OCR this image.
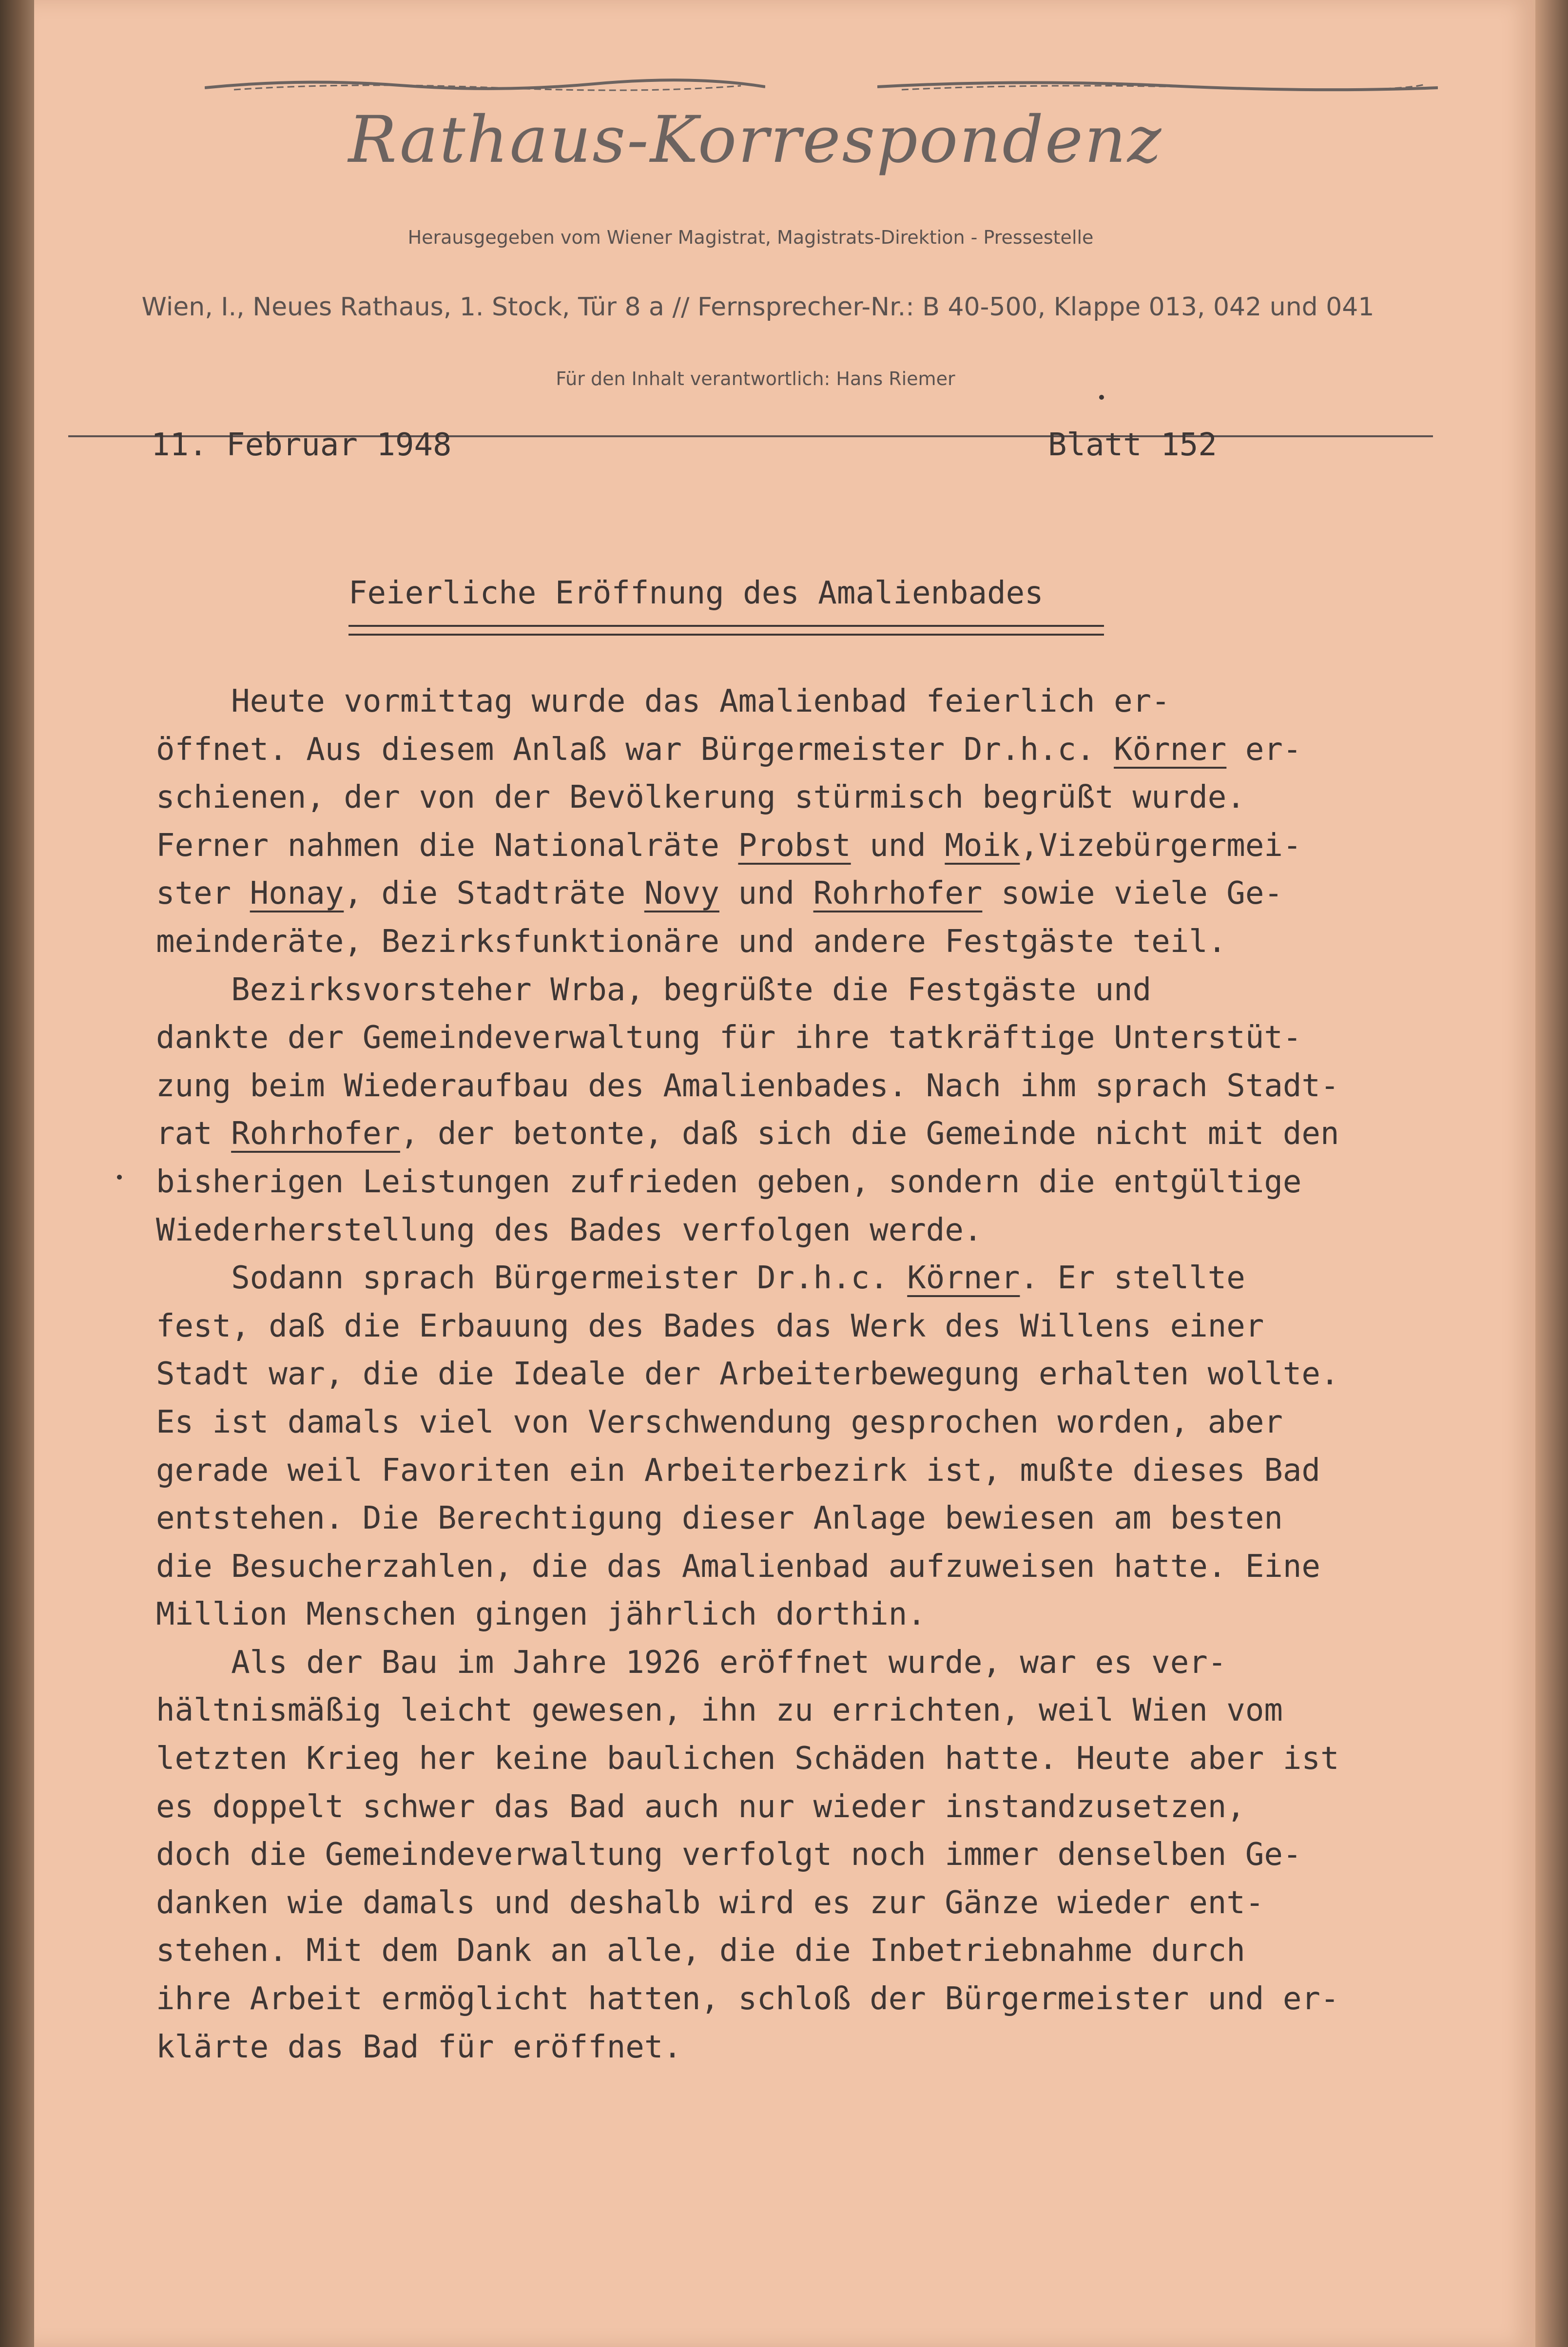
Rathaus-Korrespondenz
Herausgegeben vom Wiener Magistrat, Magistrats-Direktion - Pressestelle
Wien, I., Neues Rathaus, 1. Stock, Tür 8 a // Fernsprecher-Nr.: B 40-500, Klappe 013, 042 und 041
Für den Inhalt verantwortlich: Hans Riemer
11. Februar 1948	Blatt 152
Feierliche Eröffnung des Amalienbades
Heute vormittag wurde das Amalienbad feierlich er-
öffnet. Aus diesem Anlaß war Bürgermeister Dr.h.c. Körner er-
schienen, der von der Bevölkerung stürmisch begrüßt wurde.
Ferner nahmen die Nationalräte Probst und Moik,Vizebürgermei-
ster Honay, die Stadträte Novy und Rohrhofer sowie viele Ge-
meinderäte, Bezirksfunktionäre und andere Festgäste teil.
Bezirksvorsteher Wrba, begrüßte die Festgäste und
dankte der Gemeindeverwaltung für ihre tatkräftige Unterstüt-
zung beim Wiederaufbau des Amalienbades. Nach ihm sprach Stadt-
rat Rohrhofer, der betonte, daß sich die Gemeinde nicht mit den
bisherigen Leistungen zufrieden geben, sondern die entgültige
Wiederherstellung des Bades verfolgen werde.
Sodann sprach Bürgermeister Dr.h.c. Körner. Er stellte
fest, daß die Erbauung des Bades das Werk des Willens einer
Stadt war, die die Ideale der Arbeiterbewegung erhalten wollte.
Es ist damals viel von Verschwendung gesprochen worden, aber
gerade weil Favoriten ein Arbeiterbezirk ist, mußte dieses Bad
entstehen. Die Berechtigung dieser Anlage bewiesen am besten
die Besucherzahlen, die das Amalienbad aufzuweisen hatte. Eine
Million Menschen gingen jährlich dorthin.
Als der Bau im Jahre 1926 eröffnet wurde, war es ver-
hältnismäßig leicht gewesen, ihn zu errichten, weil Wien vom
letzten Krieg her keine baulichen Schäden hatte. Heute aber ist
es doppelt schwer das Bad auch nur wieder instandzusetzen,
doch die Gemeindeverwaltung verfolgt noch immer denselben Ge-
danken wie damals und deshalb wird es zur Gänze wieder ent-
stehen. Mit dem Dank an alle, die die Inbetriebnahme durch
ihre Arbeit ermöglicht hatten, schloß der Bürgermeister und er-
klärte das Bad für eröffnet.
